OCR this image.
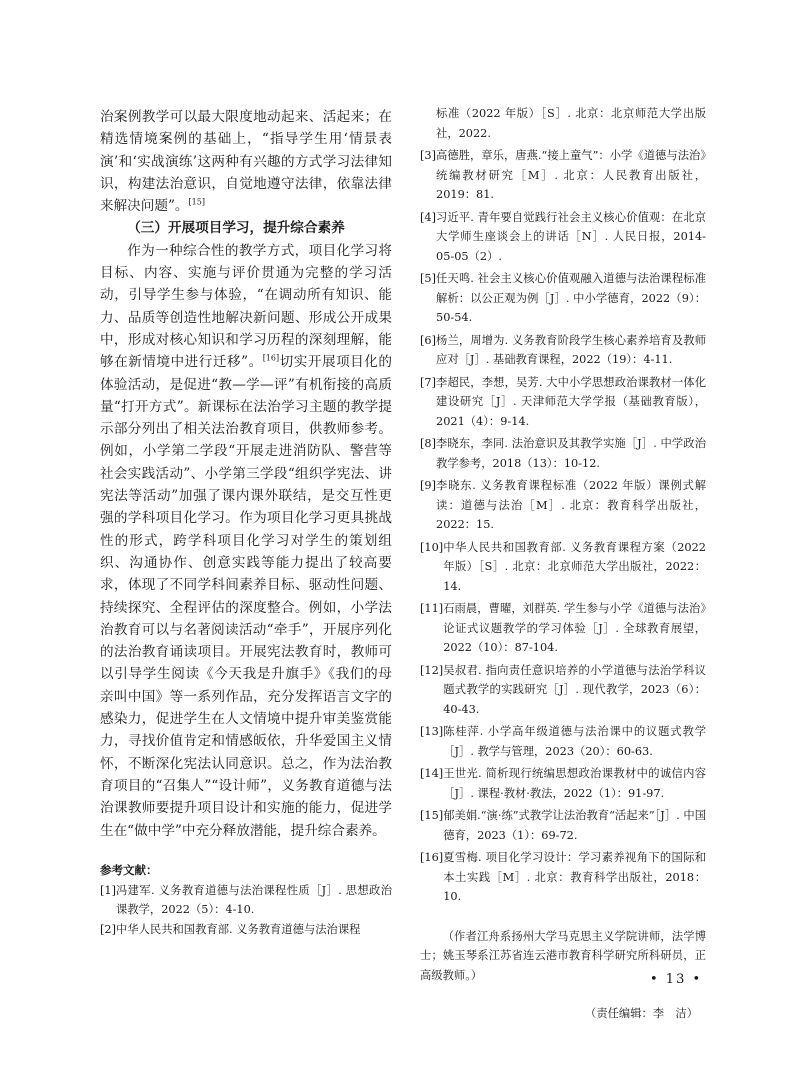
治案例教学可以最大限度地动起来、活起来；在精选情境案例的基础上，“指导学生用‘情景表演’和‘实战演练’这两种有兴趣的方式学习法律知识，构建法治意识，自觉地遵守法律，依靠法律来解决问题”。[15]

（三）开展项目学习，提升综合素养

作为一种综合性的教学方式，项目化学习将目标、内容、实施与评价贯通为完整的学习活动，引导学生参与体验，“在调动所有知识、能力、品质等创造性地解决新问题、形成公开成果中，形成对核心知识和学习历程的深刻理解，能够在新情境中进行迁移”。[16]切实开展项目化的体验活动，是促进“教—学—评”有机衔接的高质量“打开方式”。新课标在法治学习主题的教学提示部分列出了相关法治教育项目，供教师参考。例如，小学第二学段“开展走进消防队、警营等社会实践活动”、小学第三学段“组织学宪法、讲宪法等活动”加强了课内课外联结，是交互性更强的学科项目化学习。作为项目化学习更具挑战性的形式，跨学科项目化学习对学生的策划组织、沟通协作、创意实践等能力提出了较高要求，体现了不同学科间素养目标、驱动性问题、持续探究、全程评估的深度整合。例如，小学法治教育可以与名著阅读活动“牵手”，开展序列化的法治教育诵读项目。开展宪法教育时，教师可以引导学生阅读《今天我是升旗手》《我们的母亲叫中国》等一系列作品，充分发挥语言文字的感染力，促进学生在人文情境中提升审美鉴赏能力，寻找价值肯定和情感皈依，升华爱国主义情怀，不断深化宪法认同意识。总之，作为法治教育项目的“召集人”“设计师”，义务教育道德与法治课教师要提升项目设计和实施的能力，促进学生在“做中学”中充分释放潜能，提升综合素养。

参考文献：

[1] 冯建军. 义务教育道德与法治课程性质［J］. 思想政治课教学，2022（5）：4-10.
[2] 中华人民共和国教育部. 义务教育道德与法治课程
标准（2022 年版）［S］. 北京：北京师范大学出版社，2022.
[3] 高德胜，章乐，唐燕.“接上童气”：小学《道德与法治》统编教材研究［M］. 北京：人民教育出版社，2019：81.
[4] 习近平. 青年要自觉践行社会主义核心价值观：在北京大学师生座谈会上的讲话［N］. 人民日报，2014-05-05（2）.
[5] 任天鸣. 社会主义核心价值观融入道德与法治课程标准解析：以公正观为例［J］. 中小学德育，2022（9）：50-54.
[6] 杨兰，周增为. 义务教育阶段学生核心素养培育及教师应对［J］. 基础教育课程，2022（19）：4-11.
[7] 李超民，李想，吴芳. 大中小学思想政治课教材一体化建设研究［J］. 天津师范大学学报（基础教育版），2021（4）：9-14.
[8] 李晓东，李同. 法治意识及其教学实施［J］. 中学政治教学参考，2018（13）：10-12.
[9] 李晓东. 义务教育课程标准（2022 年版）课例式解读：道德与法治［M］. 北京：教育科学出版社，2022：15.
[10] 中华人民共和国教育部. 义务教育课程方案（2022 年版）［S］. 北京：北京师范大学出版社，2022：14.
[11] 石雨晨，曹曜，刘群英. 学生参与小学《道德与法治》论证式议题教学的学习体验［J］. 全球教育展望，2022（10）：87-104.
[12] 吴叔君. 指向责任意识培养的小学道德与法治学科议题式教学的实践研究［J］. 现代教学，2023（6）：40-43.
[13] 陈桂萍. 小学高年级道德与法治课中的议题式教学［J］. 教学与管理，2023（20）：60-63.
[14] 王世光. 简析现行统编思想政治课教材中的诚信内容［J］. 课程·教材·教法，2022（1）：91-97.
[15] 郁美娟.“演·练”式教学让法治教育“活起来”［J］. 中国德育，2023（1）：69-72.
[16] 夏雪梅. 项目化学习设计：学习素养视角下的国际和本土实践［M］. 北京：教育科学出版社，2018：10.

（作者江舟系扬州大学马克思主义学院讲师，法学博士；姚玉琴系江苏省连云港市教育科学研究所科研员，正高级教师。）

（责任编辑：李　洁）

• 13 •
